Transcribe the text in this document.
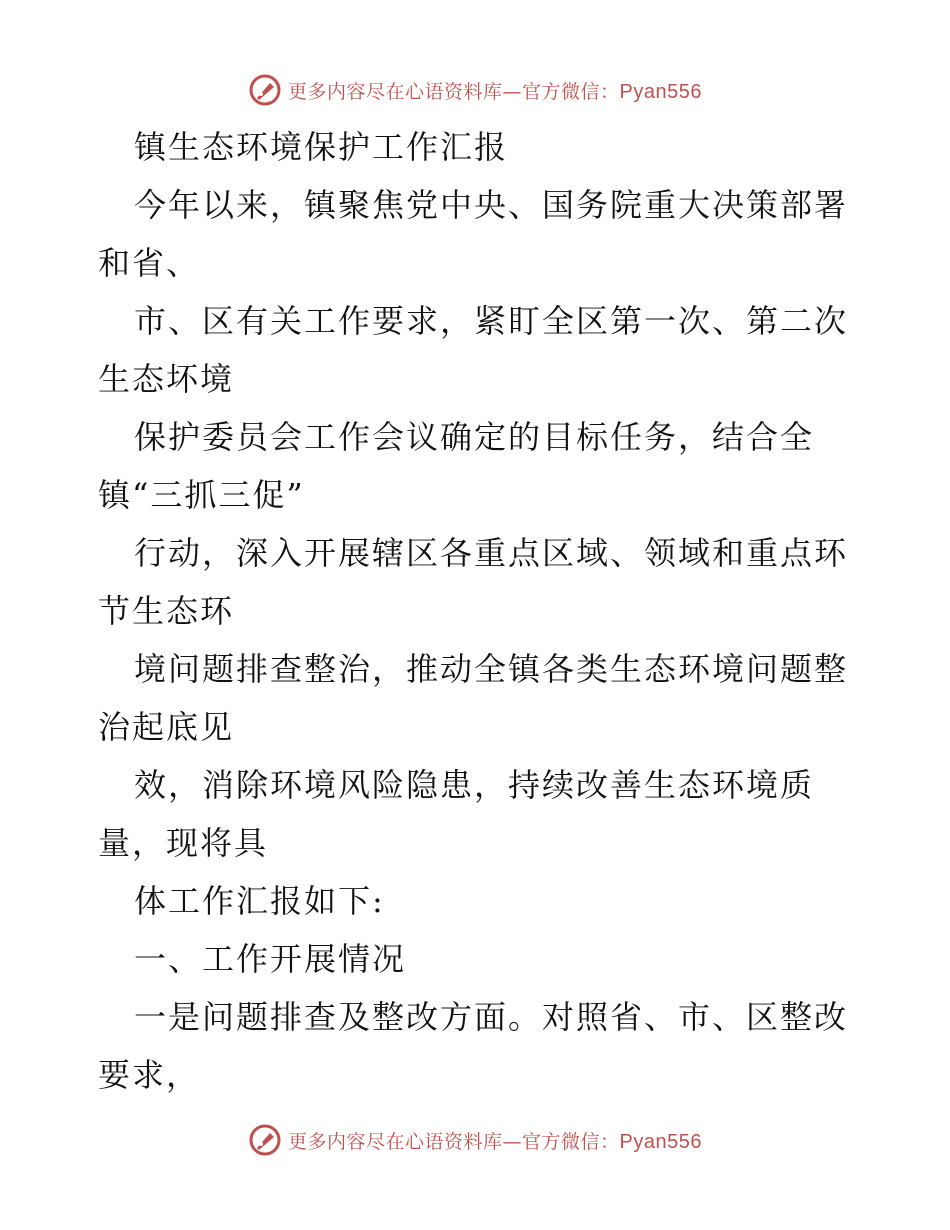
更多内容尽在心语资料库—官方微信：Pyan556
镇生态环境保护工作汇报
今年以来，镇聚焦党中央、国务院重大决策部署
和省、
市、区有关工作要求，紧盯全区第一次、第二次
生态坏境
保护委员会工作会议确定的目标任务，结合全
镇“三抓三促”
行动，深入开展辖区各重点区域、领域和重点环
节生态环
境问题排查整治，推动全镇各类生态环境问题整
治起底见
效，消除环境风险隐患，持续改善生态环境质
量，现将具
体工作汇报如下:
一、工作开展情况
一是问题排查及整改方面。对照省、市、区整改
要求，
更多内容尽在心语资料库—官方微信：Pyan556
